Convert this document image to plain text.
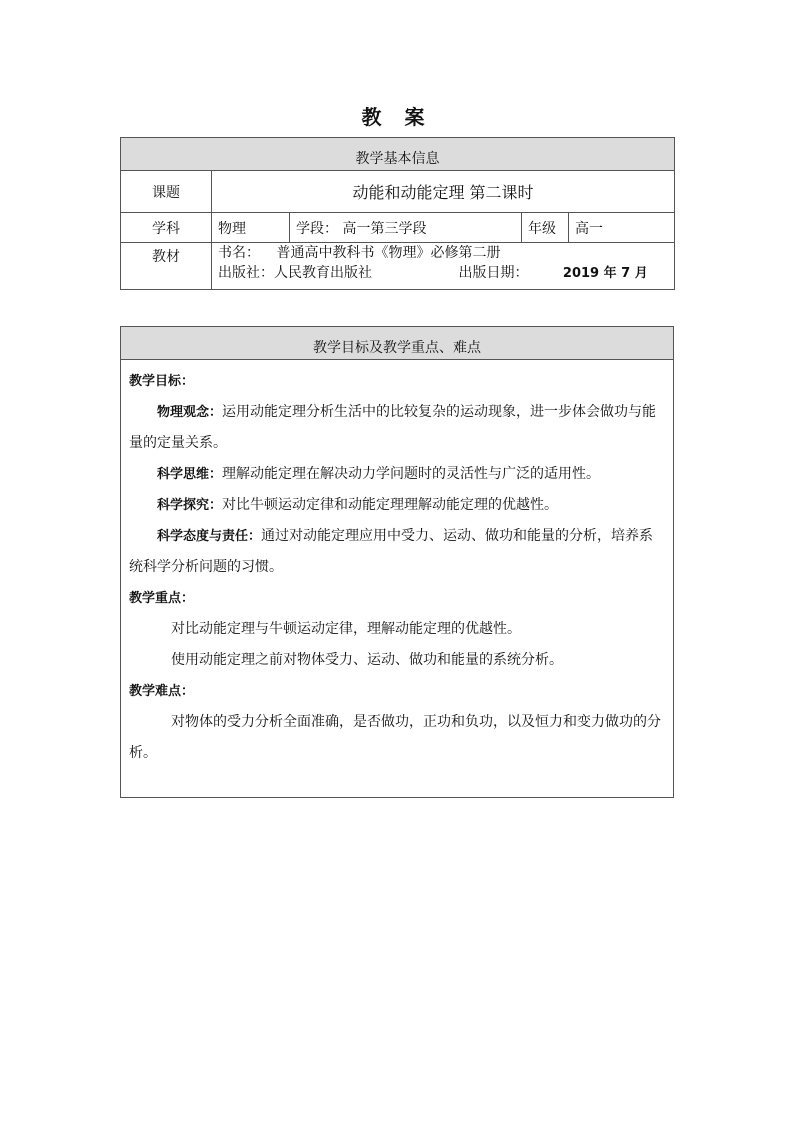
教 案
教学基本信息				
课题	动能和动能定理 第二课时			
学科	物理	学段： 高一第三学段	年级	高一
教材	书名： 普通高中教科书《物理》必修第二册
出版社：人民教育出版社 出版日期： 2019 年 7 月			
教学目标及教学重点、难点

教学目标：

物理观念：运用动能定理分析生活中的比较复杂的运动现象，进一步体会做功与能量的定量关系。

科学思维：理解动能定理在解决动力学问题时的灵活性与广泛的适用性。

科学探究：对比牛顿运动定律和动能定理理解动能定理的优越性。

科学态度与责任：通过对动能定理应用中受力、运动、做功和能量的分析，培养系统科学分析问题的习惯。

教学重点：

对比动能定理与牛顿运动定律，理解动能定理的优越性。

使用动能定理之前对物体受力、运动、做功和能量的系统分析。

教学难点：

对物体的受力分析全面准确，是否做功，正功和负功，以及恒力和变力做功的分析。
